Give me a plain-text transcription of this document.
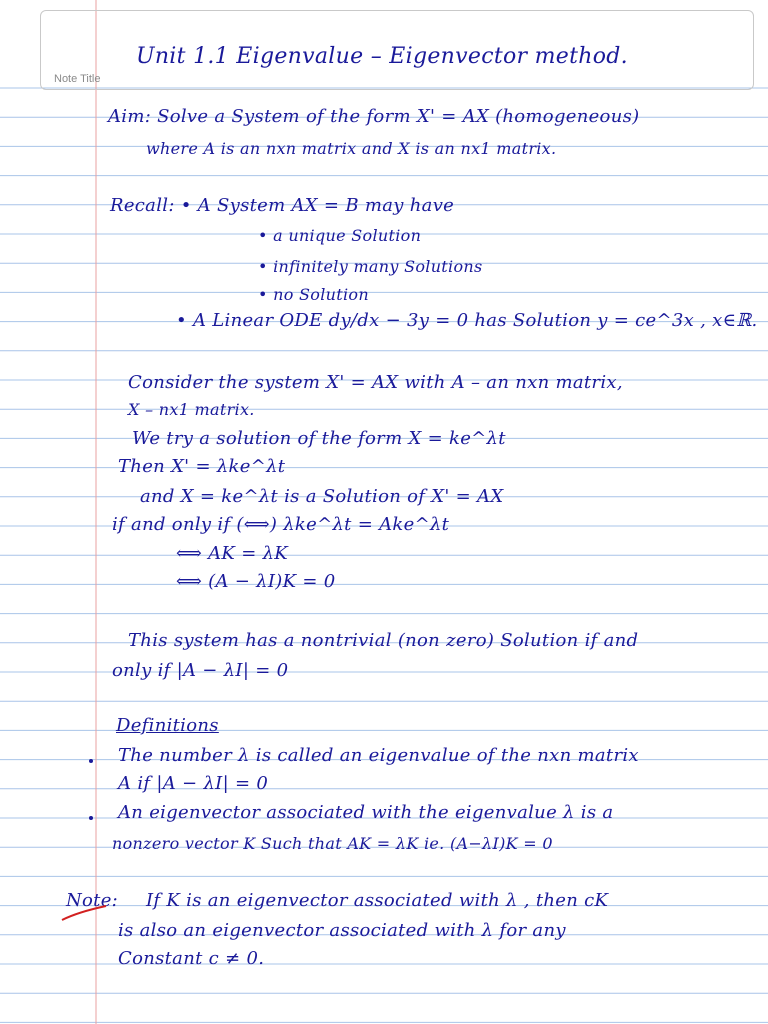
Note Title
Unit 1.1 Eigenvalue – Eigenvector method.
Aim: Solve a System of the form X' = AX (homogeneous)
where A is an nxn matrix and X is an nx1 matrix.
Recall: • A System AX = B may have
• a unique Solution
• infinitely many Solutions
• no Solution
• A Linear ODE dy/dx − 3y = 0 has Solution y = ce^3x , x∈ℝ.
Consider the system X' = AX with A – an nxn matrix,
X – nx1 matrix.
We try a solution of the form X = ke^λt
Then X' = λke^λt
and X = ke^λt is a Solution of X' = AX
if and only if (⟺) λke^λt = Ake^λt
⟺ AK = λK
⟺ (A − λI)K = 0
This system has a nontrivial (non zero) Solution if and
only if |A − λI| = 0
Definitions
The number λ is called an eigenvalue of the nxn matrix
A if |A − λI| = 0
An eigenvector associated with the eigenvalue λ is a
nonzero vector K Such that AK = λK ie. (A−λI)K = 0
Note: If K is an eigenvector associated with λ , then cK
is also an eigenvector associated with λ for any
Constant c ≠ 0.
